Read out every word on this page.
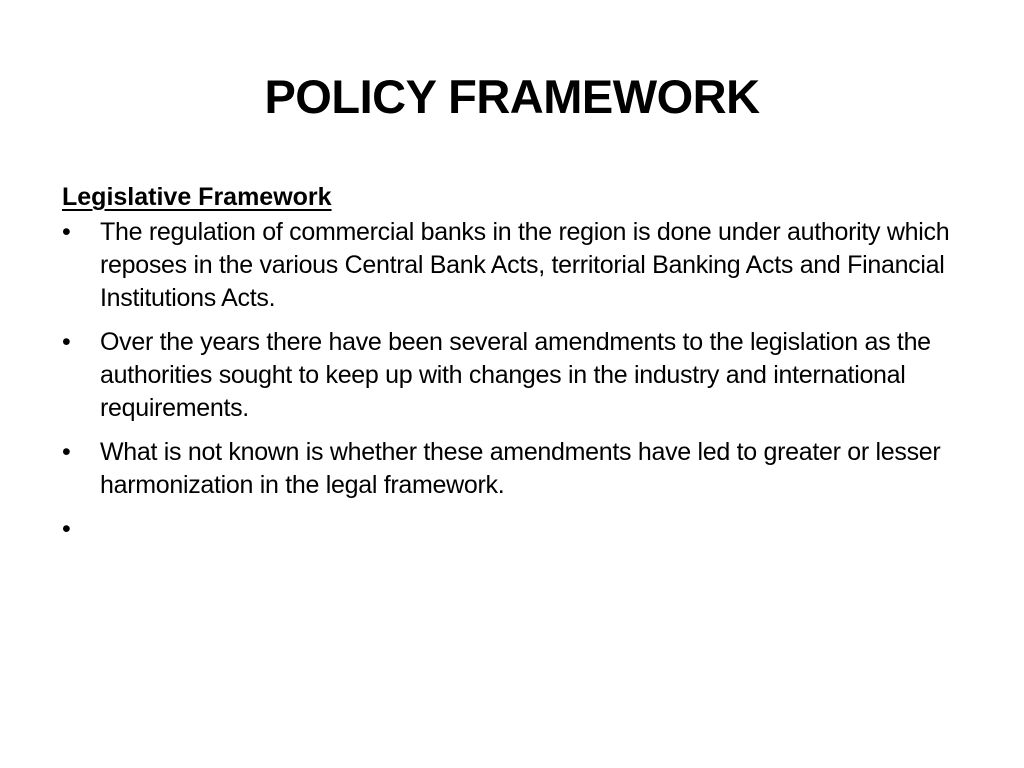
POLICY FRAMEWORK
Legislative Framework
•	The regulation of commercial banks in the region is done under authority which reposes in the various Central Bank Acts, territorial Banking Acts and Financial Institutions Acts.
•	Over the years there have been several amendments to the legislation as the authorities sought to keep up with changes in the industry and international requirements.
•	What is not known is whether these amendments have led to greater or lesser harmonization in the legal framework.
•
